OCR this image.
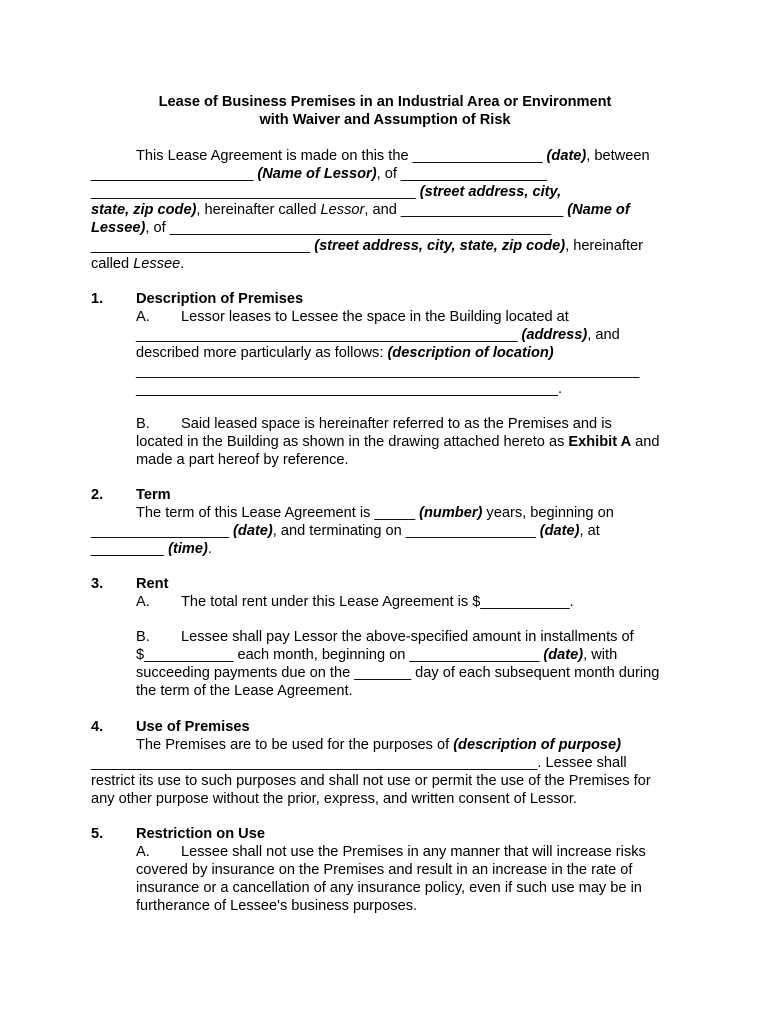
Lease of Business Premises in an Industrial Area or Environment
with Waiver and Assumption of Risk
This Lease Agreement is made on this the ________________ (date), between
____________________ (Name of Lessor), of __________________
________________________________________ (street address, city,
state, zip code), hereinafter called Lessor, and ____________________ (Name of
Lessee), of _______________________________________________
___________________________ (street address, city, state, zip code), hereinafter
called Lessee.
1. Description of Premises
A. Lessor leases to Lessee the space in the Building located at
_______________________________________________ (address), and
described more particularly as follows: (description of location)
______________________________________________________________
____________________________________________________.
B. Said leased space is hereinafter referred to as the Premises and is
located in the Building as shown in the drawing attached hereto as Exhibit A and
made a part hereof by reference.
2. Term
The term of this Lease Agreement is _____ (number) years, beginning on
_________________ (date), and terminating on ________________ (date), at
_________ (time).
3. Rent
A. The total rent under this Lease Agreement is $___________.
B. Lessee shall pay Lessor the above-specified amount in installments of
$___________ each month, beginning on ________________ (date), with
succeeding payments due on the _______ day of each subsequent month during
the term of the Lease Agreement.
4. Use of Premises
The Premises are to be used for the purposes of (description of purpose)
_______________________________________________________. Lessee shall
restrict its use to such purposes and shall not use or permit the use of the Premises for
any other purpose without the prior, express, and written consent of Lessor.
5. Restriction on Use
A. Lessee shall not use the Premises in any manner that will increase risks
covered by insurance on the Premises and result in an increase in the rate of
insurance or a cancellation of any insurance policy, even if such use may be in
furtherance of Lessee's business purposes.
